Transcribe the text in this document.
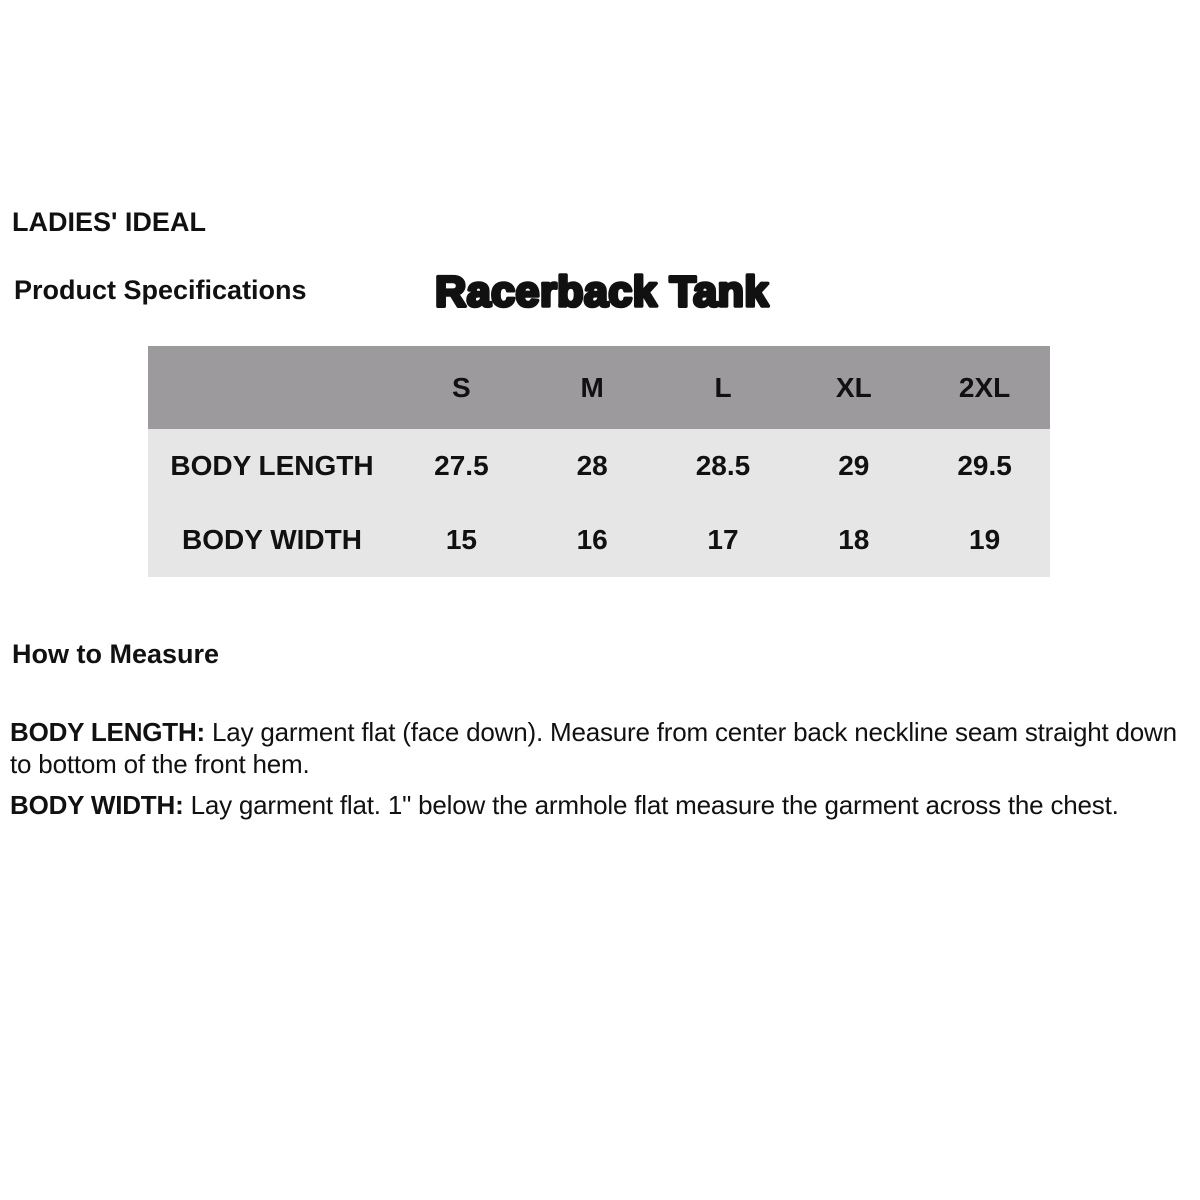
LADIES' IDEAL
Product Specifications	Racerback Tank
S	M	L	XL	2XL
BODY LENGTH	27.5	28	28.5	29	29.5
BODY WIDTH	15	16	17	18	19
How to Measure

BODY LENGTH: Lay garment flat (face down). Measure from center back neckline seam straight down to bottom of the front hem.

BODY WIDTH: Lay garment flat. 1" below the armhole flat measure the garment across the chest.
